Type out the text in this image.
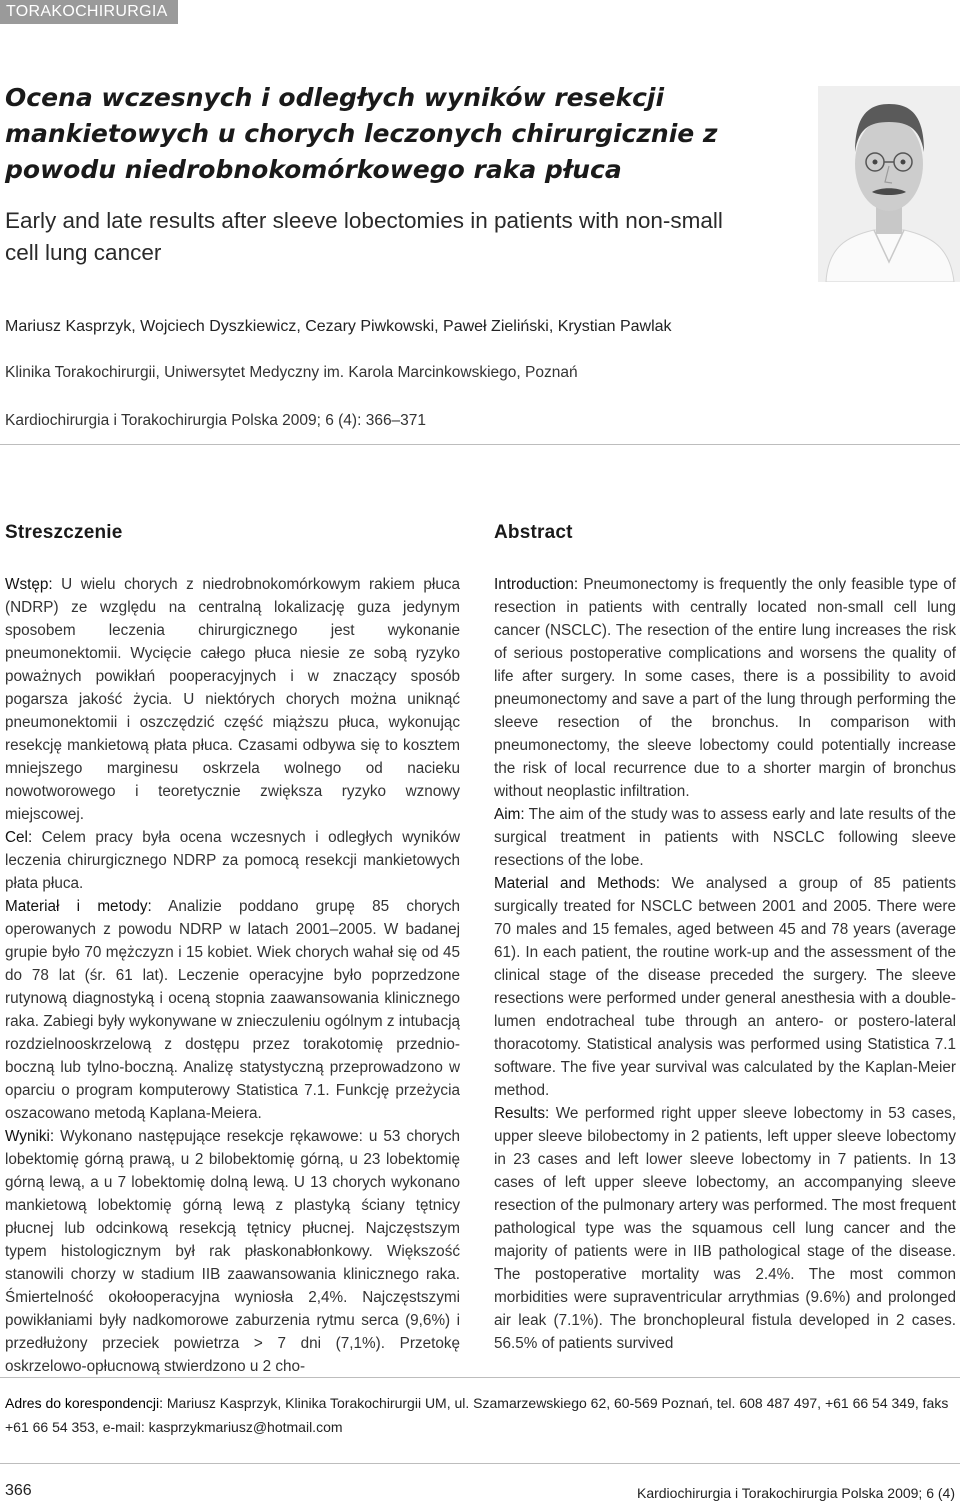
TORAKOCHIRURGIA
Ocena wczesnych i odległych wyników resekcji mankietowych u chorych leczonych chirurgicznie z powodu niedrobnokomórkowego raka płuca
Early and late results after sleeve lobectomies in patients with non-small cell lung cancer
Mariusz Kasprzyk, Wojciech Dyszkiewicz, Cezary Piwkowski, Paweł Zieliński, Krystian Pawlak
Klinika Torakochirurgii, Uniwersytet Medyczny im. Karola Marcinkowskiego, Poznań
Kardiochirurgia i Torakochirurgia Polska 2009; 6 (4): 366–371
Streszczenie

Wstęp: U wielu chorych z niedrobnokomórkowym rakiem płuca (NDRP) ze względu na centralną lokalizację guza jedynym sposobem leczenia chirurgicznego jest wykonanie pneumonektomii. Wycięcie całego płuca niesie ze sobą ryzyko poważnych powikłań pooperacyjnych i w znaczący sposób pogarsza jakość życia. U niektórych chorych można uniknąć pneumonektomii i oszczędzić część miąższu płuca, wykonując resekcję mankietową płata płuca. Czasami odbywa się to kosztem mniejszego marginesu oskrzela wolnego od nacieku nowotworowego i teoretycznie zwiększa ryzyko wznowy miejscowej.

Cel: Celem pracy była ocena wczesnych i odległych wyników leczenia chirurgicznego NDRP za pomocą resekcji mankietowych płata płuca.

Materiał i metody: Analizie poddano grupę 85 chorych operowanych z powodu NDRP w latach 2001–2005. W badanej grupie było 70 mężczyzn i 15 kobiet. Wiek chorych wahał się od 45 do 78 lat (śr. 61 lat). Leczenie operacyjne było poprzedzone rutynową diagnostyką i oceną stopnia zaawansowania klinicznego raka. Zabiegi były wykonywane w znieczuleniu ogólnym z intubacją rozdzielnooskrzelową z dostępu przez torakotomię przednio-boczną lub tylno-boczną. Analizę statystyczną przeprowadzono w oparciu o program komputerowy Statistica 7.1. Funkcję przeżycia oszacowano metodą Kaplana-Meiera.

Wyniki: Wykonano następujące resekcje rękawowe: u 53 chorych lobektomię górną prawą, u 2 bilobektomię górną, u 23 lobektomię górną lewą, a u 7 lobektomię dolną lewą. U 13 chorych wykonano mankietową lobektomię górną lewą z plastyką ściany tętnicy płucnej lub odcinkową resekcją tętnicy płucnej. Najczęstszym typem histologicznym był rak płaskonabłonkowy. Większość stanowili chorzy w stadium IIB zaawansowania klinicznego raka. Śmiertelność okołooperacyjna wyniosła 2,4%. Najczęstszymi powikłaniami były nadkomorowe zaburzenia rytmu serca (9,6%) i przedłużony przeciek powietrza > 7 dni (7,1%). Przetokę oskrzelowo-opłucnową stwierdzono u 2 cho-

Abstract

Introduction: Pneumonectomy is frequently the only feasible type of resection in patients with centrally located non-small cell lung cancer (NSCLC). The resection of the entire lung increases the risk of serious postoperative complications and worsens the quality of life after surgery. In some cases, there is a possibility to avoid pneumonectomy and save a part of the lung through performing the sleeve resection of the bronchus. In comparison with pneumonectomy, the sleeve lobectomy could potentially increase the risk of local recurrence due to a shorter margin of bronchus without neoplastic infiltration.

Aim: The aim of the study was to assess early and late results of the surgical treatment in patients with NSCLC following sleeve resections of the lobe.

Material and Methods: We analysed a group of 85 patients surgically treated for NSCLC between 2001 and 2005. There were 70 males and 15 females, aged between 45 and 78 years (average 61). In each patient, the routine work-up and the assessment of the clinical stage of the disease preceded the surgery. The sleeve resections were performed under general anesthesia with a double-lumen endotracheal tube through an antero- or postero-lateral thoracotomy. Statistical analysis was performed using Statistica 7.1 software. The five year survival was calculated by the Kaplan-Meier method.

Results: We performed right upper sleeve lobectomy in 53 cases, upper sleeve bilobectomy in 2 patients, left upper sleeve lobectomy in 23 cases and left lower sleeve lobectomy in 7 patients. In 13 cases of left upper sleeve lobectomy, an accompanying sleeve resection of the pulmonary artery was performed. The most frequent pathological type was the squamous cell lung cancer and the majority of patients were in IIB pathological stage of the disease. The postoperative mortality was 2.4%. The most common morbidities were supraventricular arrythmias (9.6%) and prolonged air leak (7.1%). The bronchopleural fistula developed in 2 cases. 56.5% of patients survived

Adres do korespondencji: Mariusz Kasprzyk, Klinika Torakochirurgii UM, ul. Szamarzewskiego 62, 60-569 Poznań, tel. 608 487 497, +61 66 54 349, faks +61 66 54 353, e-mail: kasprzykmariusz@hotmail.com
366	Kardiochirurgia i Torakochirurgia Polska 2009; 6 (4)
